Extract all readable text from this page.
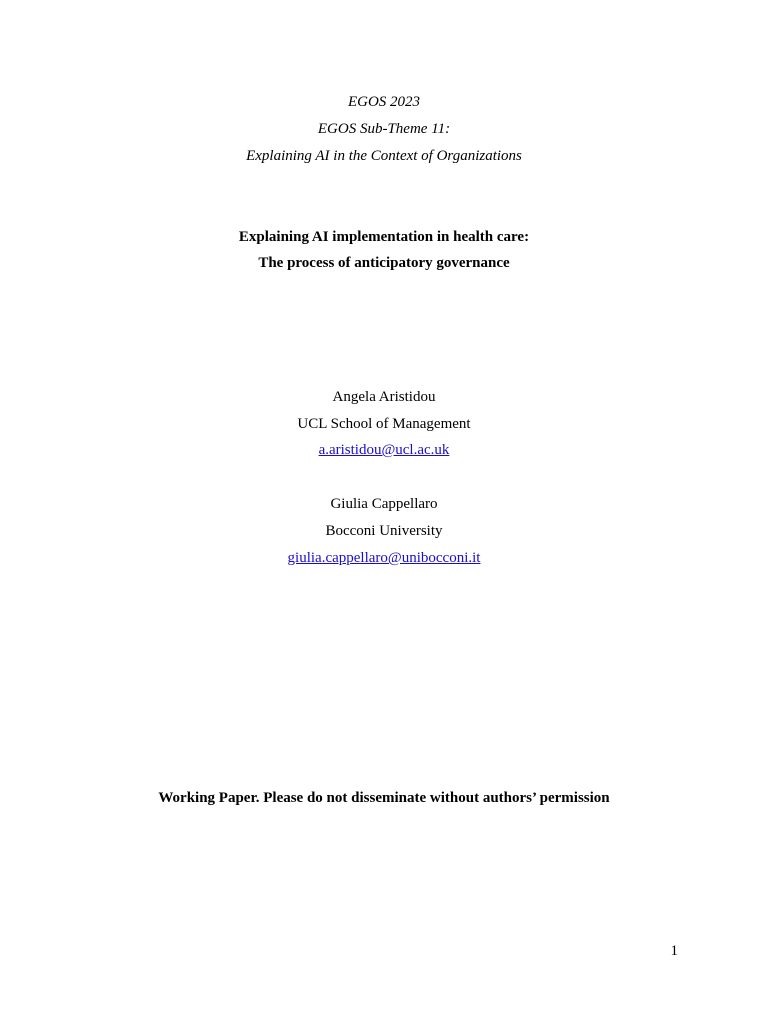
EGOS 2023
EGOS Sub-Theme 11:
Explaining AI in the Context of Organizations
Explaining AI implementation in health care:
The process of anticipatory governance
Angela Aristidou
UCL School of Management
a.aristidou@ucl.ac.uk
Giulia Cappellaro
Bocconi University
giulia.cappellaro@unibocconi.it
Working Paper. Please do not disseminate without authors’ permission
1
